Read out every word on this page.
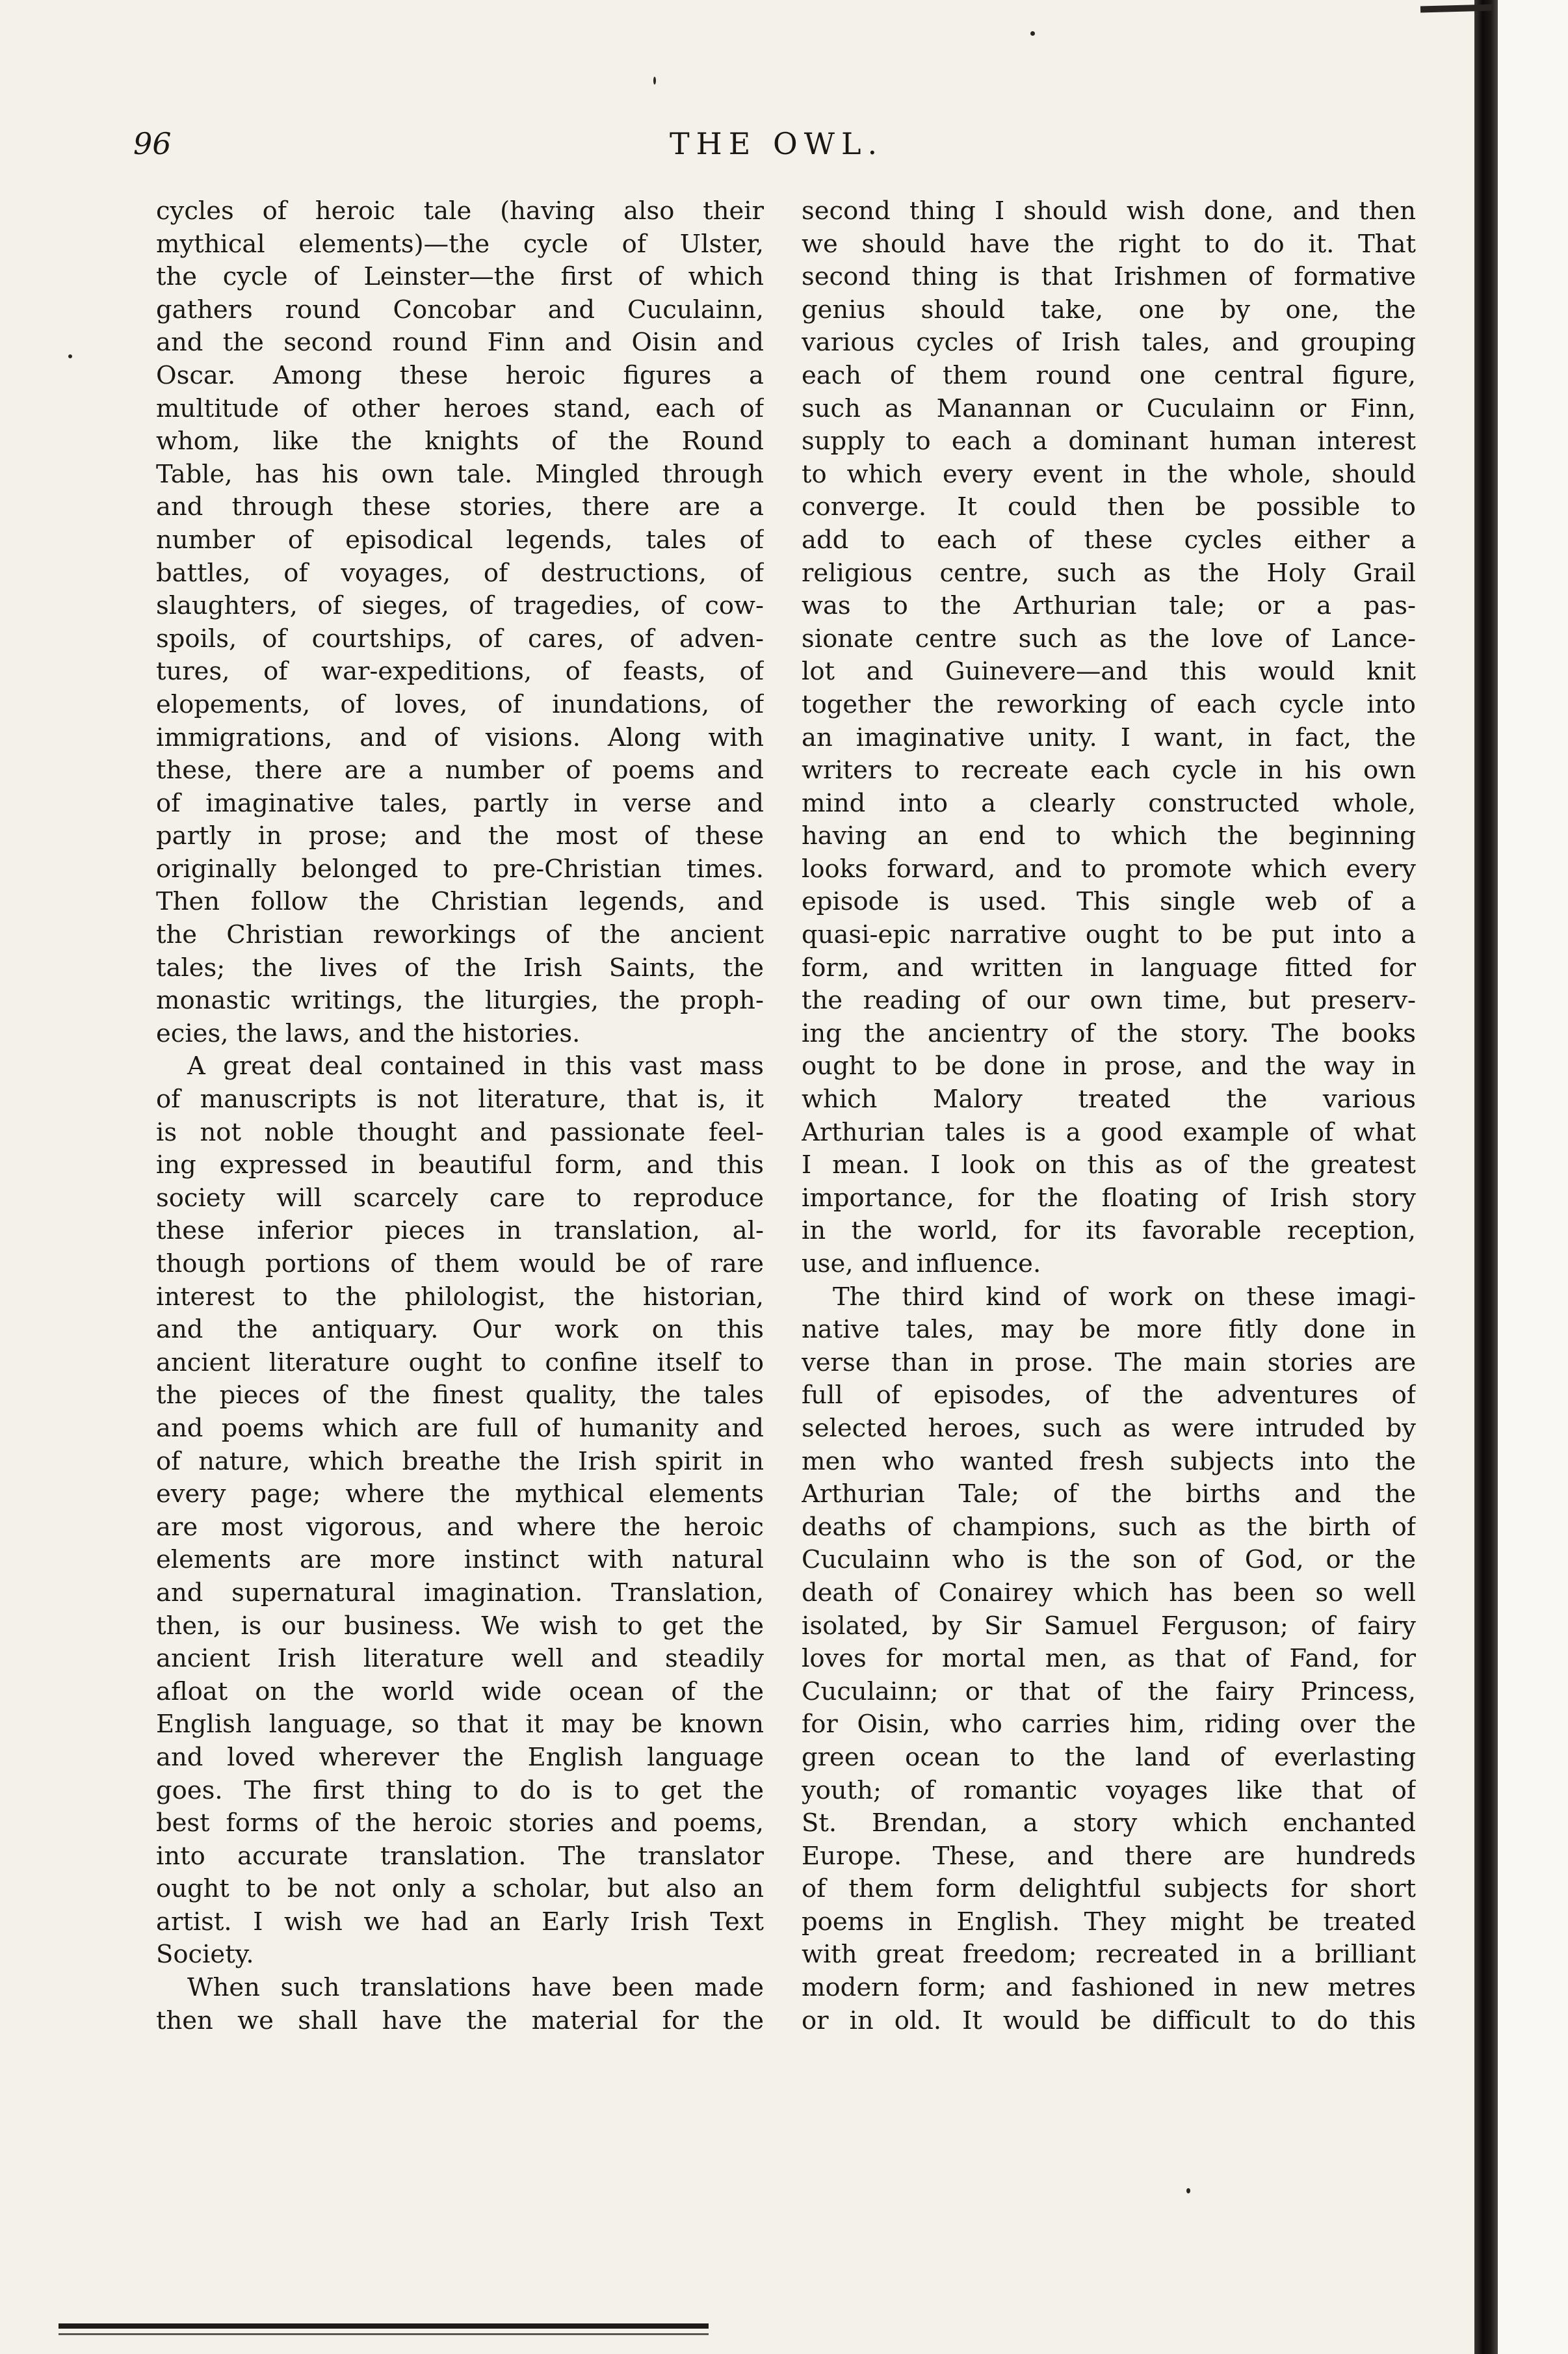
96	THE OWL.
cycles of heroic tale (having also their
mythical elements)—the cycle of Ulster,
the cycle of Leinster—the first of which
gathers round Concobar and Cuculainn,
and the second round Finn and Oisin and
Oscar. Among these heroic figures a
multitude of other heroes stand, each of
whom, like the knights of the Round
Table, has his own tale. Mingled through
and through these stories, there are a
number of episodical legends, tales of
battles, of voyages, of destructions, of
slaughters, of sieges, of tragedies, of cow-
spoils, of courtships, of cares, of adven-
tures, of war-expeditions, of feasts, of
elopements, of loves, of inundations, of
immigrations, and of visions. Along with
these, there are a number of poems and
of imaginative tales, partly in verse and
partly in prose; and the most of these
originally belonged to pre-Christian times.
Then follow the Christian legends, and
the Christian reworkings of the ancient
tales; the lives of the Irish Saints, the
monastic writings, the liturgies, the proph-
ecies, the laws, and the histories.
A great deal contained in this vast mass
of manuscripts is not literature, that is, it
is not noble thought and passionate feel-
ing expressed in beautiful form, and this
society will scarcely care to reproduce
these inferior pieces in translation, al-
though portions of them would be of rare
interest to the philologist, the historian,
and the antiquary. Our work on this
ancient literature ought to confine itself to
the pieces of the finest quality, the tales
and poems which are full of humanity and
of nature, which breathe the Irish spirit in
every page; where the mythical elements
are most vigorous, and where the heroic
elements are more instinct with natural
and supernatural imagination. Translation,
then, is our business. We wish to get the
ancient Irish literature well and steadily
afloat on the world wide ocean of the
English language, so that it may be known
and loved wherever the English language
goes. The first thing to do is to get the
best forms of the heroic stories and poems,
into accurate translation. The translator
ought to be not only a scholar, but also an
artist. I wish we had an Early Irish Text
Society.
When such translations have been made
then we shall have the material for the
second thing I should wish done, and then
we should have the right to do it. That
second thing is that Irishmen of formative
genius should take, one by one, the
various cycles of Irish tales, and grouping
each of them round one central figure,
such as Manannan or Cuculainn or Finn,
supply to each a dominant human interest
to which every event in the whole, should
converge. It could then be possible to
add to each of these cycles either a
religious centre, such as the Holy Grail
was to the Arthurian tale; or a pas-
sionate centre such as the love of Lance-
lot and Guinevere—and this would knit
together the reworking of each cycle into
an imaginative unity. I want, in fact, the
writers to recreate each cycle in his own
mind into a clearly constructed whole,
having an end to which the beginning
looks forward, and to promote which every
episode is used. This single web of a
quasi-epic narrative ought to be put into a
form, and written in language fitted for
the reading of our own time, but preserv-
ing the ancientry of the story. The books
ought to be done in prose, and the way in
which Malory treated the various
Arthurian tales is a good example of what
I mean. I look on this as of the greatest
importance, for the floating of Irish story
in the world, for its favorable reception,
use, and influence.
The third kind of work on these imagi-
native tales, may be more fitly done in
verse than in prose. The main stories are
full of episodes, of the adventures of
selected heroes, such as were intruded by
men who wanted fresh subjects into the
Arthurian Tale; of the births and the
deaths of champions, such as the birth of
Cuculainn who is the son of God, or the
death of Conairey which has been so well
isolated, by Sir Samuel Ferguson; of fairy
loves for mortal men, as that of Fand, for
Cuculainn; or that of the fairy Princess,
for Oisin, who carries him, riding over the
green ocean to the land of everlasting
youth; of romantic voyages like that of
St. Brendan, a story which enchanted
Europe. These, and there are hundreds
of them form delightful subjects for short
poems in English. They might be treated
with great freedom; recreated in a brilliant
modern form; and fashioned in new metres
or in old. It would be difficult to do this
